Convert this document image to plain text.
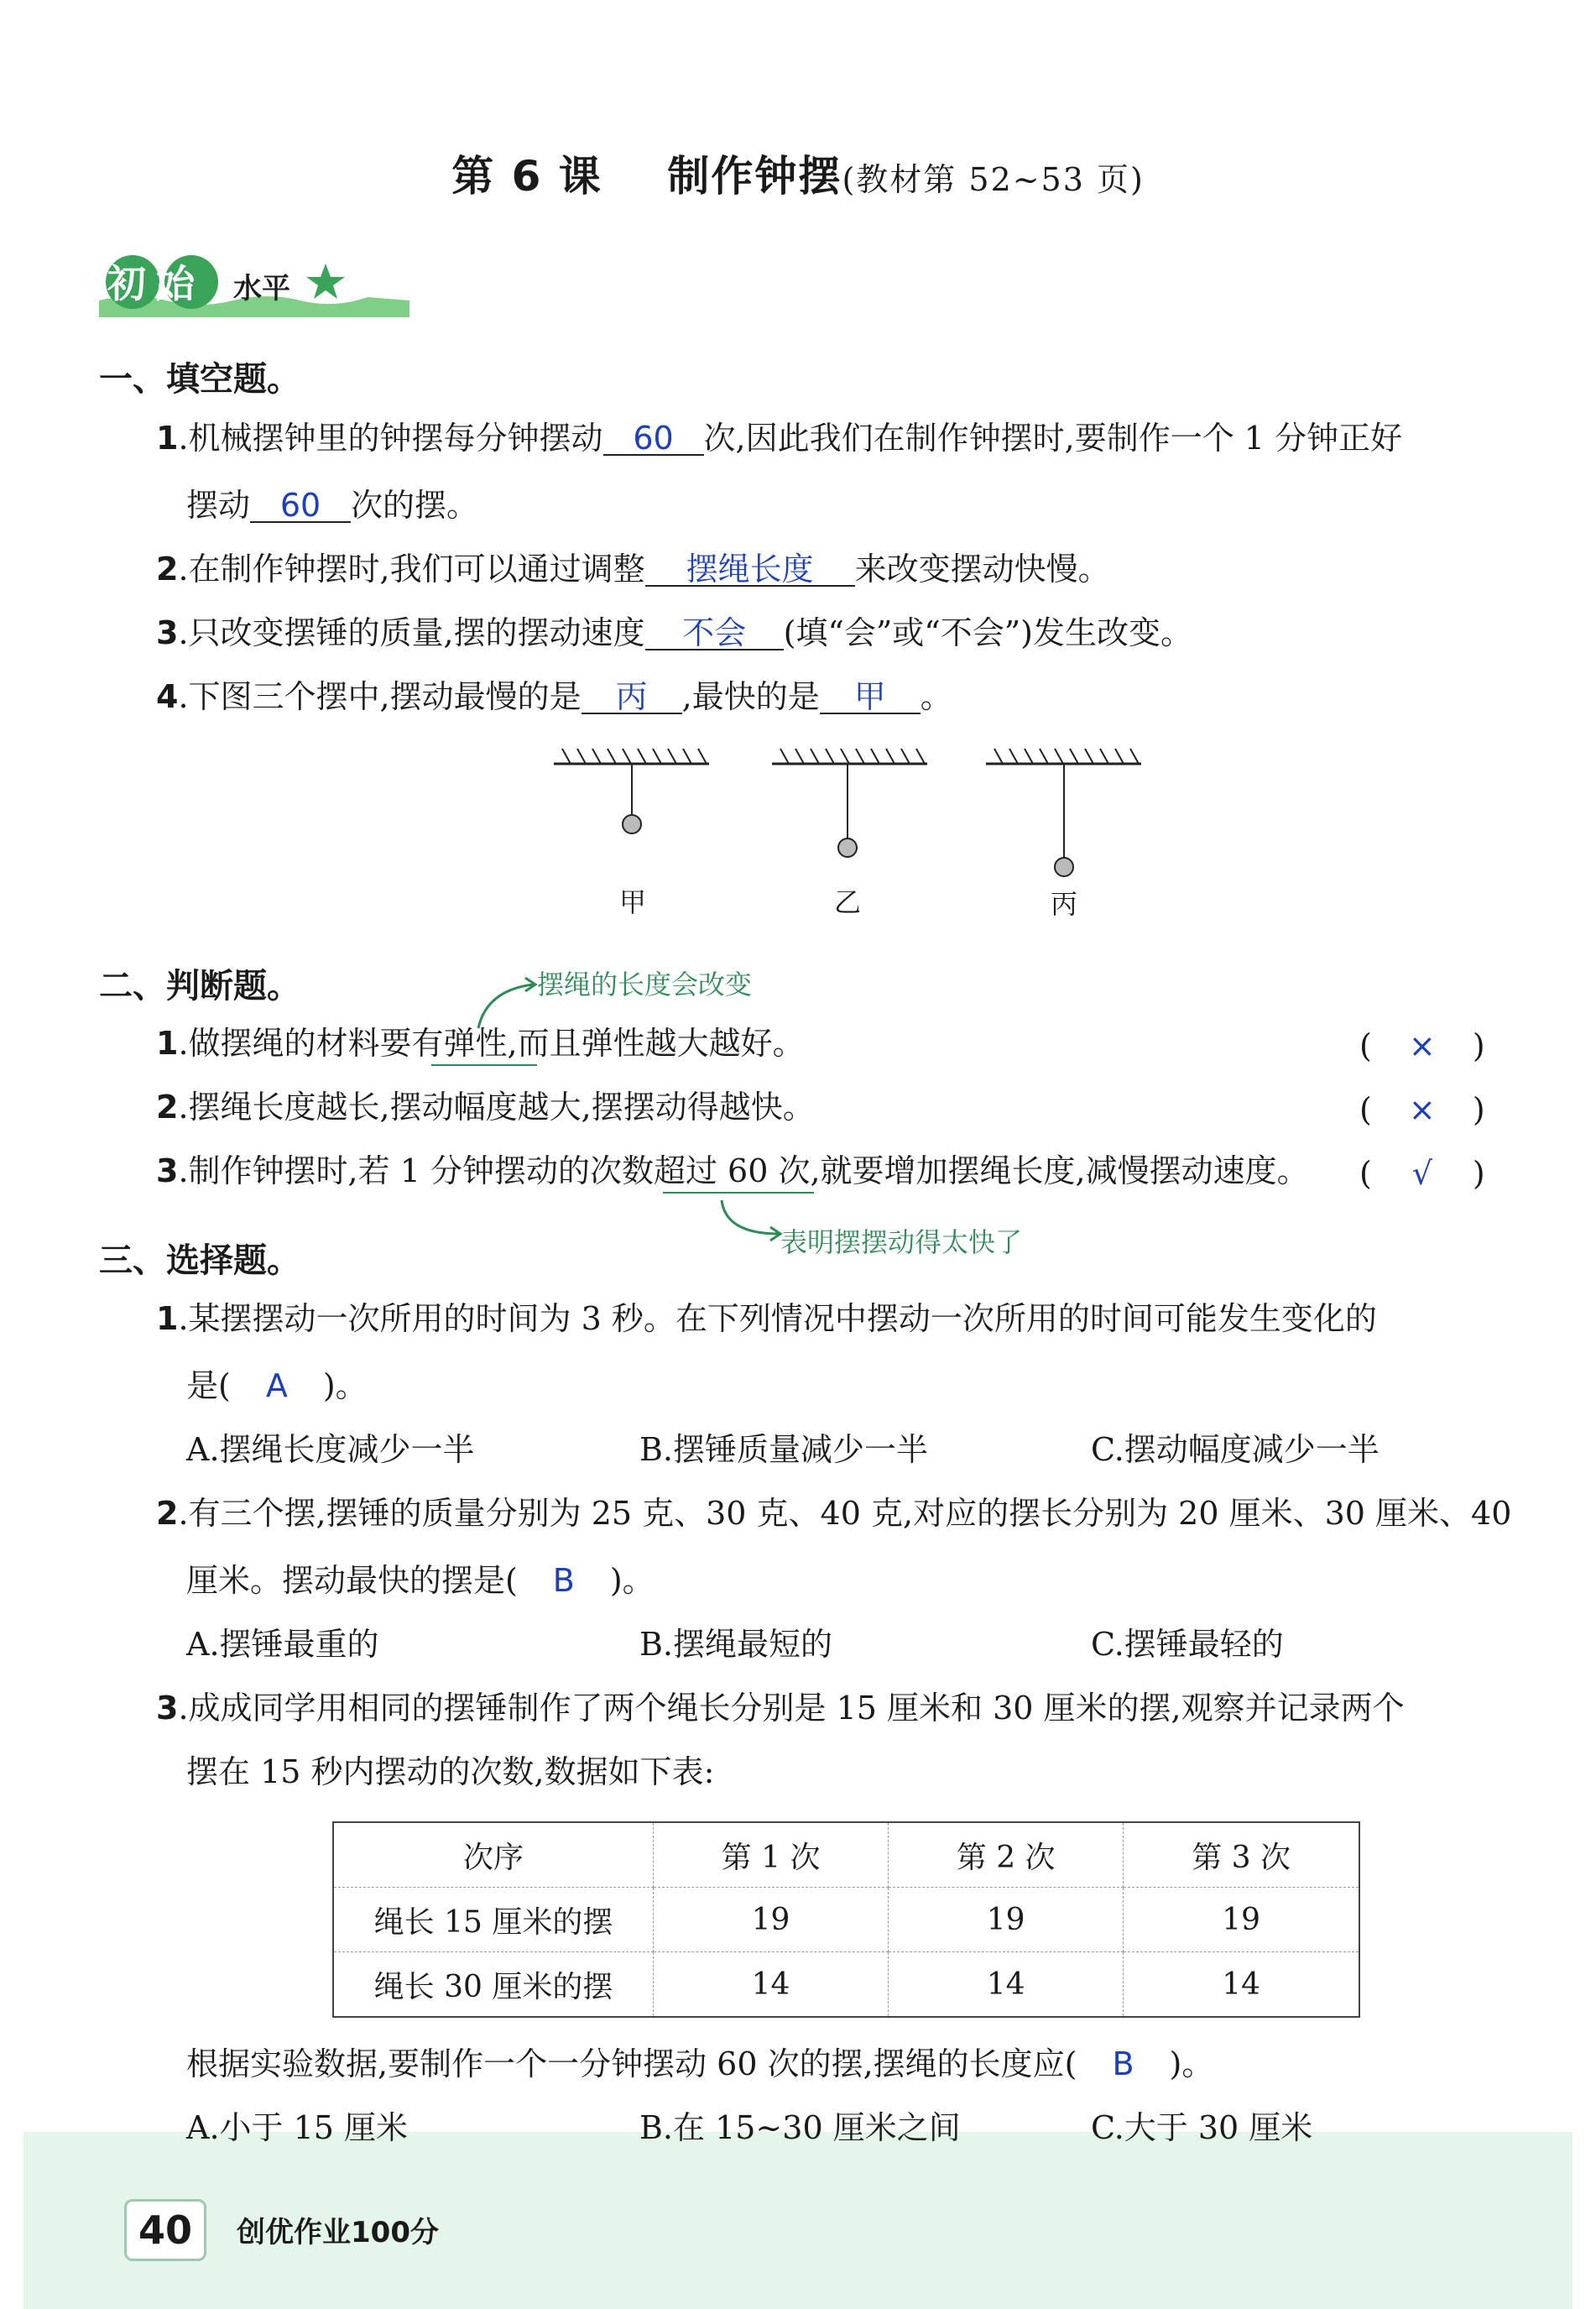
第 6 课    制作钟摆(教材第 52~53 页)
初始 水平
一、填空题。
1.机械摆钟里的钟摆每分钟摆动 60 次,因此我们在制作钟摆时,要制作一个 1 分钟正好
摆动 60 次的摆。
2.在制作钟摆时,我们可以通过调整 摆绳长度 来改变摆动快慢。
3.只改变摆锤的质量,摆的摆动速度 不会 (填“会”或“不会”)发生改变。
4.下图三个摆中,摆动最慢的是 丙 ,最快的是 甲 。
甲	乙	丙
二、判断题。	摆绳的长度会改变
1.做摆绳的材料要有弹性,而且弹性越大越好。	( × )
2.摆绳长度越长,摆动幅度越大,摆摆动得越快。	( × )
3.制作钟摆时,若 1 分钟摆动的次数超过 60 次,就要增加摆绳长度,减慢摆动速度。 ( √ )
表明摆摆动得太快了
三、选择题。
1.某摆摆动一次所用的时间为 3 秒。在下列情况中摆动一次所用的时间可能发生变化的
是( A )。
A.摆绳长度减少一半	B.摆锤质量减少一半	C.摆动幅度减少一半
2.有三个摆,摆锤的质量分别为 25 克、30 克、40 克,对应的摆长分别为 20 厘米、30 厘米、40
厘米。摆动最快的摆是( B )。
A.摆锤最重的	B.摆绳最短的	C.摆锤最轻的
3.成成同学用相同的摆锤制作了两个绳长分别是 15 厘米和 30 厘米的摆,观察并记录两个
摆在 15 秒内摆动的次数,数据如下表:
次序	第 1 次	第 2 次	第 3 次
绳长 15 厘米的摆	19	19	19
绳长 30 厘米的摆	14	14	14
根据实验数据,要制作一个一分钟摆动 60 次的摆,摆绳的长度应( B )。
A.小于 15 厘米	B.在 15~30 厘米之间	C.大于 30 厘米
40	创优作业100分
